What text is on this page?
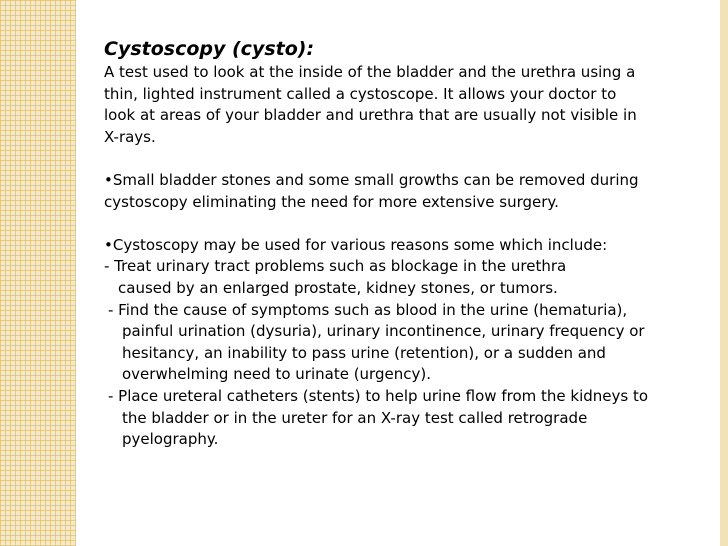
Cystoscopy (cysto):

A test used to look at the inside of the bladder and the urethra using a

thin, lighted instrument called a cystoscope. It allows your doctor to

look at areas of your bladder and urethra that are usually not visible in

X-rays.

•Small bladder stones and some small growths can be removed during

cystoscopy eliminating the need for more extensive surgery.

•Cystoscopy may be used for various reasons some which include:

- Treat urinary tract problems such as blockage in the urethra

caused by an enlarged prostate, kidney stones, or tumors.

- Find the cause of symptoms such as blood in the urine (hematuria),

painful urination (dysuria), urinary incontinence, urinary frequency or

hesitancy, an inability to pass urine (retention), or a sudden and

overwhelming need to urinate (urgency).

- Place ureteral catheters (stents) to help urine flow from the kidneys to

the bladder or in the ureter for an X-ray test called retrograde

pyelography.
